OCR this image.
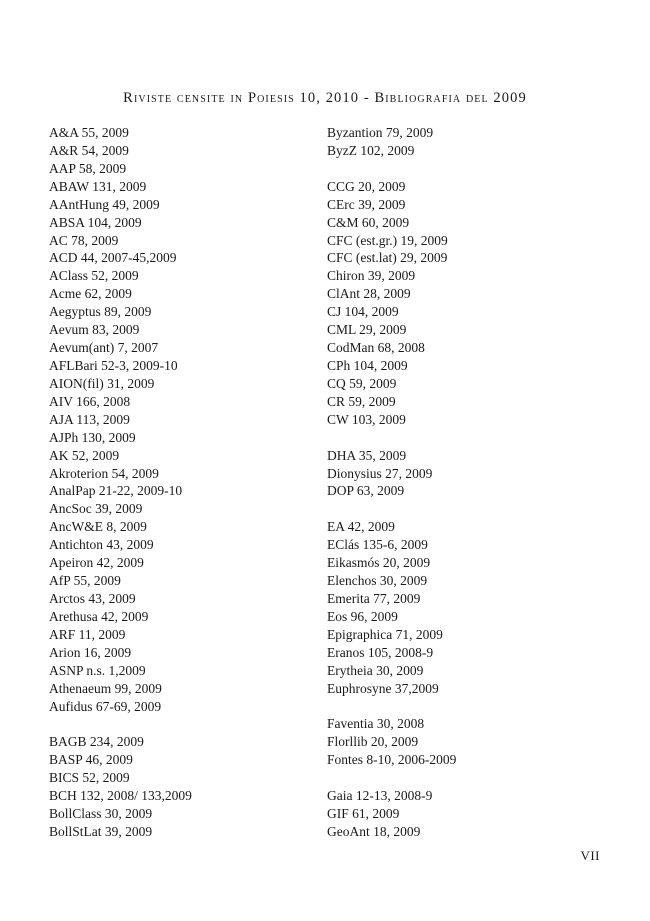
Riviste censite in Poiesis 10, 2010 - Bibliografia del 2009
A&A 55, 2009
A&R 54, 2009
AAP 58, 2009
ABAW 131, 2009
AAntHung 49, 2009
ABSA 104, 2009
AC 78, 2009
ACD 44, 2007-45,2009
AClass 52, 2009
Acme 62, 2009
Aegyptus 89, 2009
Aevum 83, 2009
Aevum(ant) 7, 2007
AFLBari 52-3, 2009-10
AION(fil) 31, 2009
AIV 166, 2008
AJA 113, 2009
AJPh 130, 2009
AK 52, 2009
Akroterion 54, 2009
AnalPap 21-22, 2009-10
AncSoc 39, 2009
AncW&E 8, 2009
Antichton 43, 2009
Apeiron 42, 2009
AfP 55, 2009
Arctos 43, 2009
Arethusa 42, 2009
ARF 11, 2009
Arion 16, 2009
ASNP n.s. 1,2009
Athenaeum 99, 2009
Aufidus 67-69, 2009
BAGB 234, 2009
BASP 46, 2009
BICS 52, 2009
BCH 132, 2008/ 133,2009
BollClass 30, 2009
BollStLat 39, 2009
Byzantion 79, 2009
ByzZ 102, 2009
CCG 20, 2009
CErc 39, 2009
C&M 60, 2009
CFC (est.gr.) 19, 2009
CFC (est.lat) 29, 2009
Chiron 39, 2009
ClAnt 28, 2009
CJ 104, 2009
CML 29, 2009
CodMan 68, 2008
CPh 104, 2009
CQ 59, 2009
CR 59, 2009
CW 103, 2009
DHA 35, 2009
Dionysius 27, 2009
DOP 63, 2009
EA 42, 2009
EClás 135-6, 2009
Eikasmós 20, 2009
Elenchos 30, 2009
Emerita 77, 2009
Eos 96, 2009
Epigraphica 71, 2009
Eranos 105, 2008-9
Erytheia 30, 2009
Euphrosyne 37,2009
Faventia 30, 2008
Florllib 20, 2009
Fontes 8-10, 2006-2009
Gaia 12-13, 2008-9
GIF 61, 2009
GeoAnt 18, 2009
VII
